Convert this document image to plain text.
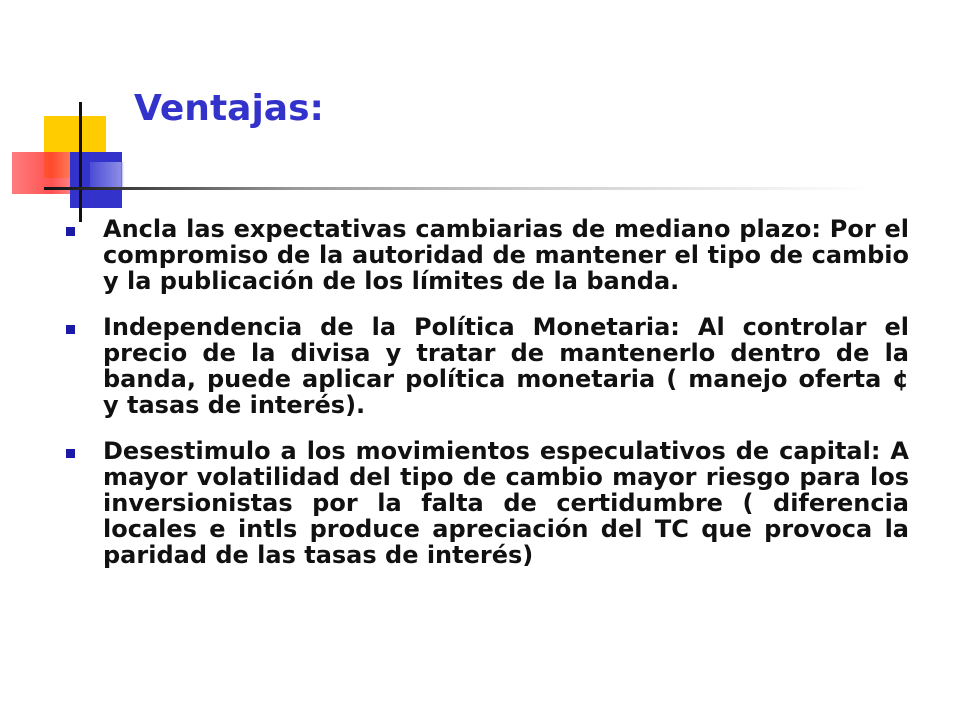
Ventajas:
Ancla las expectativas cambiarias de mediano plazo: Por el compromiso de la autoridad de mantener el tipo de cambio y la publicación de los límites de la banda.
Independencia de la Política Monetaria: Al controlar el precio de la divisa y tratar de mantenerlo dentro de la banda, puede aplicar política monetaria ( manejo oferta ¢ y tasas de interés).
Desestimulo a los movimientos especulativos de capital: A mayor volatilidad del tipo de cambio mayor riesgo para los inversionistas por la falta de certidumbre ( diferencia locales e intls produce apreciación del TC que provoca la paridad de las tasas de interés)
